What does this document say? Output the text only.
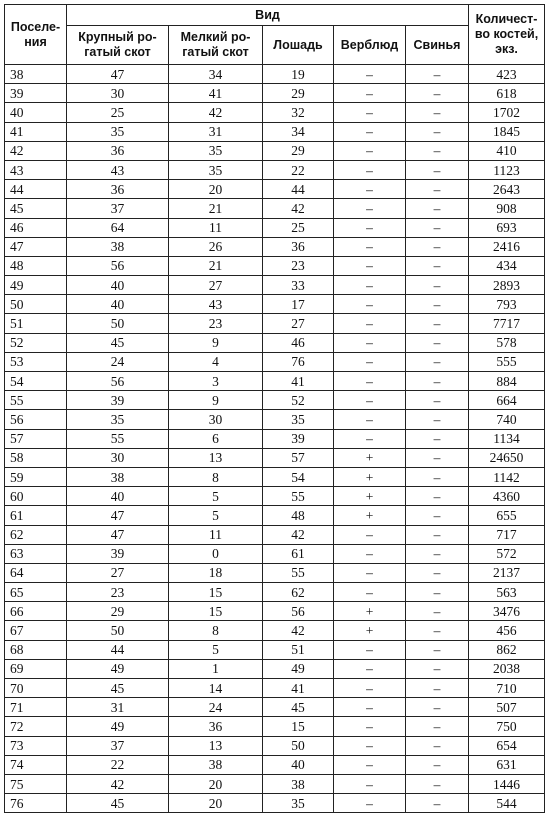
Поселе-ния	Вид					Количест-во костей, экз.
	Крупный ро-гатый скот	Мелкий ро-гатый скот	Лошадь	Верблюд	Свинья	
38	47	34	19	–	–	423
39	30	41	29	–	–	618
40	25	42	32	–	–	1702
41	35	31	34	–	–	1845
42	36	35	29	–	–	410
43	43	35	22	–	–	1123
44	36	20	44	–	–	2643
45	37	21	42	–	–	908
46	64	11	25	–	–	693
47	38	26	36	–	–	2416
48	56	21	23	–	–	434
49	40	27	33	–	–	2893
50	40	43	17	–	–	793
51	50	23	27	–	–	7717
52	45	9	46	–	–	578
53	24	4	76	–	–	555
54	56	3	41	–	–	884
55	39	9	52	–	–	664
56	35	30	35	–	–	740
57	55	6	39	–	–	1134
58	30	13	57	+	–	24650
59	38	8	54	+	–	1142
60	40	5	55	+	–	4360
61	47	5	48	+	–	655
62	47	11	42	–	–	717
63	39	0	61	–	–	572
64	27	18	55	–	–	2137
65	23	15	62	–	–	563
66	29	15	56	+	–	3476
67	50	8	42	+	–	456
68	44	5	51	–	–	862
69	49	1	49	–	–	2038
70	45	14	41	–	–	710
71	31	24	45	–	–	507
72	49	36	15	–	–	750
73	37	13	50	–	–	654
74	22	38	40	–	–	631
75	42	20	38	–	–	1446
76	45	20	35	–	–	544
